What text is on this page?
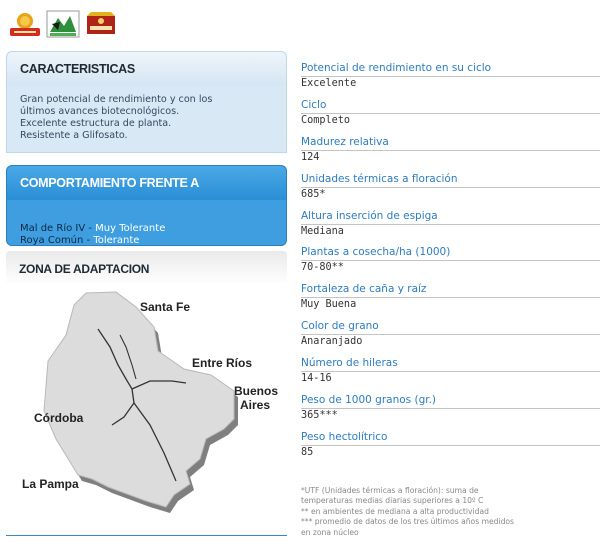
CARACTERISTICAS
Gran potencial de rendimiento y con los
últimos avances biotecnológicos.
Excelente estructura de planta.
Resistente a Glifosato.
COMPORTAMIENTO FRENTE A
Mal de Río IV - Muy Tolerante
Roya Común - Tolerante
ZONA DE ADAPTACION
Santa Fe
Entre Ríos
Buenos
Aires
Córdoba
La Pampa
Potencial de rendimiento en su ciclo
Excelente
Ciclo
Completo
Madurez relativa
124
Unidades térmicas a floración
685*
Altura inserción de espiga
Mediana
Plantas a cosecha/ha (1000)
70-80**
Fortaleza de caña y raíz
Muy Buena
Color de grano
Anaranjado
Número de hileras
14-16
Peso de 1000 granos (gr.)
365***
Peso hectolítrico
85
*UTF (Unidades térmicas a floración): suma de
temperaturas medias diarias superiores a 10º C
** en ambientes de mediana a alta productividad
*** promedio de datos de los tres últimos años medidos
en zona núcleo
